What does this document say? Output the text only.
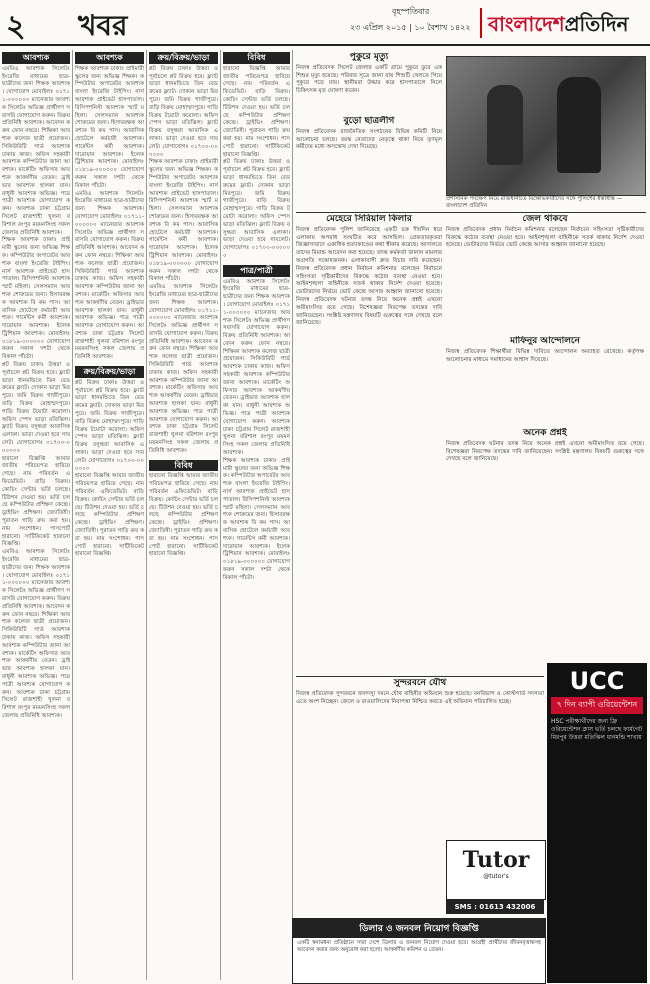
২ খবর	বৃহস্পতিবার
২৩ এপ্রিল ২০১৫ | ১০ বৈশাখ ১৪২২ বাংলাদেশপ্রতিদিন
আবশ্যক
এমবিএ আবশ্যক সিলেটঃ ইংরেজি মাধ্যমের ছাত্র-ছাত্রীদের জন্য শিক্ষক আবশ্যক। যোগাযোগ মোবাইলঃ ০১৭১১-০০০০০০ ম্যানেজার আবশ্যক সিলেটঃ অভিজ্ঞ প্রার্থীগণ সরাসরি যোগাযোগ করুন। বিক্রয় প্রতিনিধি আবশ্যক। আবেদন করুন ফোন নম্বরে। শিক্ষিকা আবশ্যক কলেজ ছাত্রী প্রয়োজন। সিকিউরিটি গার্ড আবশ্যক ঢাকায় কাজ। অফিস সহকারী আবশ্যক কম্পিউটার জানা আবশ্যক। মার্কেটিং অফিসার আবশ্যক আকর্ষণীয় বেতন। ড্রাইভার আবশ্যক হালকা যান। রাধুনী আবশ্যক অভিজ্ঞ। পাত্র পাত্রী আবশ্যক যোগাযোগ করুন। আবশ্যক ঢাকা চট্টগ্রাম সিলেট রাজশাহী খুলনা বরিশাল রংপুর ময়মনসিংহ সকল জেলায় প্রতিনিধি আবশ্যক।
শিক্ষক আবশ্যক ঢাকাঃ প্রাইমারী স্কুলের জন্য অভিজ্ঞ শিক্ষক। কম্পিউটার অপারেটর আবশ্যক বাংলা ইংরেজি টাইপিং। নার্স আবশ্যক প্রাইভেট হাসপাতাল। রিসিপশনিস্ট আবশ্যক স্মার্ট মহিলা। সেলসম্যান আবশ্যক শোরুমের জন্য। হিসাবরক্ষক আবশ্যক বি কম পাস। আবাসিক হোটেলে কর্মচারী আবশ্যক। গার্মেন্টস কর্মী আবশ্যক। দারোয়ান আবশ্যক। ইলেকট্রিশিয়ান আবশ্যক। মোবাইলঃ ০১৮১৯-০০০০০০ যোগাযোগ করুন সকাল দশটা থেকে বিকাল পাঁচটা।
প্লট বিক্রয় ঢাকাঃ উত্তরা ও পূর্বাচলে প্লট বিক্রয় হবে। ফ্ল্যাট ভাড়া ধানমন্ডিতে তিন বেডরুমের ফ্ল্যাট। দোকান ভাড়া মিরপুরে। জমি বিক্রয় গাজীপুরে। বাড়ি বিক্রয় মোহাম্মদপুরে। গাড়ি বিক্রয় টয়োটা করোলা। অফিস স্পেস ভাড়া মতিঝিল। ফ্ল্যাট বিক্রয় বসুন্ধরা আবাসিক এলাকা। ভাড়া দেওয়া হবে সাবলেট। যোগাযোগঃ ০১৭০০-০০০০০০
হারানো বিজ্ঞপ্তি আমার জাতীয় পরিচয়পত্র হারিয়ে গেছে। নাম পরিবর্তন এফিডেভিট। বাড়ি বিক্রয়। কোচিং সেন্টার ভর্তি চলছে। টিউশন দেওয়া হয়। ভর্তি চলছে কম্পিউটার প্রশিক্ষণ কেন্দ্রে। ড্রাইভিং প্রশিক্ষণ। জ্যোতিষী। পুরাতন গাড়ি ক্রয় করা হয়। নাম সংশোধন। পাসপোর্ট হারানো। সার্টিফিকেট হারানো বিজ্ঞপ্তি।
এমবিএ আবশ্যক সিলেটঃ ইংরেজি মাধ্যমের ছাত্র-ছাত্রীদের জন্য শিক্ষক আবশ্যক। যোগাযোগ মোবাইলঃ ০১৭১১-০০০০০০ ম্যানেজার আবশ্যক সিলেটঃ অভিজ্ঞ প্রার্থীগণ সরাসরি যোগাযোগ করুন। বিক্রয় প্রতিনিধি আবশ্যক। আবেদন করুন ফোন নম্বরে। শিক্ষিকা আবশ্যক কলেজ ছাত্রী প্রয়োজন। সিকিউরিটি গার্ড আবশ্যক ঢাকায় কাজ। অফিস সহকারী আবশ্যক কম্পিউটার জানা আবশ্যক। মার্কেটিং অফিসার আবশ্যক আকর্ষণীয় বেতন। ড্রাইভার আবশ্যক হালকা যান। রাধুনী আবশ্যক অভিজ্ঞ। পাত্র পাত্রী আবশ্যক যোগাযোগ করুন। আবশ্যক ঢাকা চট্টগ্রাম সিলেট রাজশাহী খুলনা বরিশাল রংপুর ময়মনসিংহ সকল জেলায় প্রতিনিধি আবশ্যক।
আবশ্যক
শিক্ষক আবশ্যক ঢাকাঃ প্রাইমারী স্কুলের জন্য অভিজ্ঞ শিক্ষক। কম্পিউটার অপারেটর আবশ্যক বাংলা ইংরেজি টাইপিং। নার্স আবশ্যক প্রাইভেট হাসপাতাল। রিসিপশনিস্ট আবশ্যক স্মার্ট মহিলা। সেলসম্যান আবশ্যক শোরুমের জন্য। হিসাবরক্ষক আবশ্যক বি কম পাস। আবাসিক হোটেলে কর্মচারী আবশ্যক। গার্মেন্টস কর্মী আবশ্যক। দারোয়ান আবশ্যক। ইলেকট্রিশিয়ান আবশ্যক। মোবাইলঃ ০১৮১৯-০০০০০০ যোগাযোগ করুন সকাল দশটা থেকে বিকাল পাঁচটা।
এমবিএ আবশ্যক সিলেটঃ ইংরেজি মাধ্যমের ছাত্র-ছাত্রীদের জন্য শিক্ষক আবশ্যক। যোগাযোগ মোবাইলঃ ০১৭১১-০০০০০০ ম্যানেজার আবশ্যক সিলেটঃ অভিজ্ঞ প্রার্থীগণ সরাসরি যোগাযোগ করুন। বিক্রয় প্রতিনিধি আবশ্যক। আবেদন করুন ফোন নম্বরে। শিক্ষিকা আবশ্যক কলেজ ছাত্রী প্রয়োজন। সিকিউরিটি গার্ড আবশ্যক ঢাকায় কাজ। অফিস সহকারী আবশ্যক কম্পিউটার জানা আবশ্যক। মার্কেটিং অফিসার আবশ্যক আকর্ষণীয় বেতন। ড্রাইভার আবশ্যক হালকা যান। রাধুনী আবশ্যক অভিজ্ঞ। পাত্র পাত্রী আবশ্যক যোগাযোগ করুন। আবশ্যক ঢাকা চট্টগ্রাম সিলেট রাজশাহী খুলনা বরিশাল রংপুর ময়মনসিংহ সকল জেলায় প্রতিনিধি আবশ্যক।
ক্রয়/বিক্রয়/ভাড়া
প্লট বিক্রয় ঢাকাঃ উত্তরা ও পূর্বাচলে প্লট বিক্রয় হবে। ফ্ল্যাট ভাড়া ধানমন্ডিতে তিন বেডরুমের ফ্ল্যাট। দোকান ভাড়া মিরপুরে। জমি বিক্রয় গাজীপুরে। বাড়ি বিক্রয় মোহাম্মদপুরে। গাড়ি বিক্রয় টয়োটা করোলা। অফিস স্পেস ভাড়া মতিঝিল। ফ্ল্যাট বিক্রয় বসুন্ধরা আবাসিক এলাকা। ভাড়া দেওয়া হবে সাবলেট। যোগাযোগঃ ০১৭০০-০০০০০০
হারানো বিজ্ঞপ্তি আমার জাতীয় পরিচয়পত্র হারিয়ে গেছে। নাম পরিবর্তন এফিডেভিট। বাড়ি বিক্রয়। কোচিং সেন্টার ভর্তি চলছে। টিউশন দেওয়া হয়। ভর্তি চলছে কম্পিউটার প্রশিক্ষণ কেন্দ্রে। ড্রাইভিং প্রশিক্ষণ। জ্যোতিষী। পুরাতন গাড়ি ক্রয় করা হয়। নাম সংশোধন। পাসপোর্ট হারানো। সার্টিফিকেট হারানো বিজ্ঞপ্তি।
ক্রয়/বিক্রয়/ভাড়া
প্লট বিক্রয় ঢাকাঃ উত্তরা ও পূর্বাচলে প্লট বিক্রয় হবে। ফ্ল্যাট ভাড়া ধানমন্ডিতে তিন বেডরুমের ফ্ল্যাট। দোকান ভাড়া মিরপুরে। জমি বিক্রয় গাজীপুরে। বাড়ি বিক্রয় মোহাম্মদপুরে। গাড়ি বিক্রয় টয়োটা করোলা। অফিস স্পেস ভাড়া মতিঝিল। ফ্ল্যাট বিক্রয় বসুন্ধরা আবাসিক এলাকা। ভাড়া দেওয়া হবে সাবলেট। যোগাযোগঃ ০১৭০০-০০০০০০
শিক্ষক আবশ্যক ঢাকাঃ প্রাইমারী স্কুলের জন্য অভিজ্ঞ শিক্ষক। কম্পিউটার অপারেটর আবশ্যক বাংলা ইংরেজি টাইপিং। নার্স আবশ্যক প্রাইভেট হাসপাতাল। রিসিপশনিস্ট আবশ্যক স্মার্ট মহিলা। সেলসম্যান আবশ্যক শোরুমের জন্য। হিসাবরক্ষক আবশ্যক বি কম পাস। আবাসিক হোটেলে কর্মচারী আবশ্যক। গার্মেন্টস কর্মী আবশ্যক। দারোয়ান আবশ্যক। ইলেকট্রিশিয়ান আবশ্যক। মোবাইলঃ ০১৮১৯-০০০০০০ যোগাযোগ করুন সকাল দশটা থেকে বিকাল পাঁচটা।
এমবিএ আবশ্যক সিলেটঃ ইংরেজি মাধ্যমের ছাত্র-ছাত্রীদের জন্য শিক্ষক আবশ্যক। যোগাযোগ মোবাইলঃ ০১৭১১-০০০০০০ ম্যানেজার আবশ্যক সিলেটঃ অভিজ্ঞ প্রার্থীগণ সরাসরি যোগাযোগ করুন। বিক্রয় প্রতিনিধি আবশ্যক। আবেদন করুন ফোন নম্বরে। শিক্ষিকা আবশ্যক কলেজ ছাত্রী প্রয়োজন। সিকিউরিটি গার্ড আবশ্যক ঢাকায় কাজ। অফিস সহকারী আবশ্যক কম্পিউটার জানা আবশ্যক। মার্কেটিং অফিসার আবশ্যক আকর্ষণীয় বেতন। ড্রাইভার আবশ্যক হালকা যান। রাধুনী আবশ্যক অভিজ্ঞ। পাত্র পাত্রী আবশ্যক যোগাযোগ করুন। আবশ্যক ঢাকা চট্টগ্রাম সিলেট রাজশাহী খুলনা বরিশাল রংপুর ময়মনসিংহ সকল জেলায় প্রতিনিধি আবশ্যক।
বিবিধ
হারানো বিজ্ঞপ্তি আমার জাতীয় পরিচয়পত্র হারিয়ে গেছে। নাম পরিবর্তন এফিডেভিট। বাড়ি বিক্রয়। কোচিং সেন্টার ভর্তি চলছে। টিউশন দেওয়া হয়। ভর্তি চলছে কম্পিউটার প্রশিক্ষণ কেন্দ্রে। ড্রাইভিং প্রশিক্ষণ। জ্যোতিষী। পুরাতন গাড়ি ক্রয় করা হয়। নাম সংশোধন। পাসপোর্ট হারানো। সার্টিফিকেট হারানো বিজ্ঞপ্তি।
বিবিধ
হারানো বিজ্ঞপ্তি আমার জাতীয় পরিচয়পত্র হারিয়ে গেছে। নাম পরিবর্তন এফিডেভিট। বাড়ি বিক্রয়। কোচিং সেন্টার ভর্তি চলছে। টিউশন দেওয়া হয়। ভর্তি চলছে কম্পিউটার প্রশিক্ষণ কেন্দ্রে। ড্রাইভিং প্রশিক্ষণ। জ্যোতিষী। পুরাতন গাড়ি ক্রয় করা হয়। নাম সংশোধন। পাসপোর্ট হারানো। সার্টিফিকেট হারানো বিজ্ঞপ্তি।
প্লট বিক্রয় ঢাকাঃ উত্তরা ও পূর্বাচলে প্লট বিক্রয় হবে। ফ্ল্যাট ভাড়া ধানমন্ডিতে তিন বেডরুমের ফ্ল্যাট। দোকান ভাড়া মিরপুরে। জমি বিক্রয় গাজীপুরে। বাড়ি বিক্রয় মোহাম্মদপুরে। গাড়ি বিক্রয় টয়োটা করোলা। অফিস স্পেস ভাড়া মতিঝিল। ফ্ল্যাট বিক্রয় বসুন্ধরা আবাসিক এলাকা। ভাড়া দেওয়া হবে সাবলেট। যোগাযোগঃ ০১৭০০-০০০০০০
পাত্র/পাত্রী
এমবিএ আবশ্যক সিলেটঃ ইংরেজি মাধ্যমের ছাত্র-ছাত্রীদের জন্য শিক্ষক আবশ্যক। যোগাযোগ মোবাইলঃ ০১৭১১-০০০০০০ ম্যানেজার আবশ্যক সিলেটঃ অভিজ্ঞ প্রার্থীগণ সরাসরি যোগাযোগ করুন। বিক্রয় প্রতিনিধি আবশ্যক। আবেদন করুন ফোন নম্বরে। শিক্ষিকা আবশ্যক কলেজ ছাত্রী প্রয়োজন। সিকিউরিটি গার্ড আবশ্যক ঢাকায় কাজ। অফিস সহকারী আবশ্যক কম্পিউটার জানা আবশ্যক। মার্কেটিং অফিসার আবশ্যক আকর্ষণীয় বেতন। ড্রাইভার আবশ্যক হালকা যান। রাধুনী আবশ্যক অভিজ্ঞ। পাত্র পাত্রী আবশ্যক যোগাযোগ করুন। আবশ্যক ঢাকা চট্টগ্রাম সিলেট রাজশাহী খুলনা বরিশাল রংপুর ময়মনসিংহ সকল জেলায় প্রতিনিধি আবশ্যক।
শিক্ষক আবশ্যক ঢাকাঃ প্রাইমারী স্কুলের জন্য অভিজ্ঞ শিক্ষক। কম্পিউটার অপারেটর আবশ্যক বাংলা ইংরেজি টাইপিং। নার্স আবশ্যক প্রাইভেট হাসপাতাল। রিসিপশনিস্ট আবশ্যক স্মার্ট মহিলা। সেলসম্যান আবশ্যক শোরুমের জন্য। হিসাবরক্ষক আবশ্যক বি কম পাস। আবাসিক হোটেলে কর্মচারী আবশ্যক। গার্মেন্টস কর্মী আবশ্যক। দারোয়ান আবশ্যক। ইলেকট্রিশিয়ান আবশ্যক। মোবাইলঃ ০১৮১৯-০০০০০০ যোগাযোগ করুন সকাল দশটা থেকে বিকাল পাঁচটা।
পুকুরে মৃত্যু
নিজস্ব প্রতিবেদক সিলেট জেলার একটি গ্রামে পুকুরে ডুবে এক শিশুর মৃত্যু হয়েছে। পরিবার সূত্রে জানা যায় শিশুটি খেলতে গিয়ে পুকুরে পড়ে যায়। স্থানীয়রা উদ্ধার করে হাসপাতালে নিলে চিকিৎসক মৃত ঘোষণা করেন।
বুড়ো ছাত্রলীগ
নিজস্ব প্রতিবেদক রাজনৈতিক সংগঠনের বিভিন্ন কমিটি নিয়ে আলোচনা চলছে। বয়স্ক নেতাদের নেতৃত্বে থাকা নিয়ে তৃণমূল কর্মীদের মধ্যে অসন্তোষ দেখা দিয়েছে।
প্রশাসনিক পদক্ষেপ নিয়ে রাজধানীতে বিক্ষোভকারীদের সঙ্গে পুলিশের ধস্তাধস্তি — বাংলাদেশ প্রতিদিন
মেহেরে সিরিয়াল কিলার
নিজস্ব প্রতিবেদক পুলিশ জানিয়েছে একটি চক্র দীর্ঘদিন ধরে এলাকায় অপরাধ সংঘটিত করে আসছিল। গ্রেফতারকৃতরা জিজ্ঞাসাবাদে একাধিক হত্যাকাণ্ডের কথা স্বীকার করেছে। আদালতে তাদের রিমান্ড আবেদন করা হয়েছে। তদন্ত কর্মকর্তা জানান মামলার অগ্রগতি সন্তোষজনক। এলাকাবাসী দ্রুত বিচার দাবি করেছেন। নিজস্ব প্রতিবেদক প্রধান নির্বাচন কমিশনার বলেছেন নির্বাচনে সহিংসতা সৃষ্টিকারীদের বিরুদ্ধে কঠোর ব্যবস্থা নেওয়া হবে। আইনশৃঙ্খলা বাহিনীকে সতর্ক থাকার নির্দেশ দেওয়া হয়েছে। ভোটারদের নির্ভয়ে ভোট কেন্দ্রে আসার আহ্বান জানানো হয়েছে। নিজস্ব প্রতিবেদক ঘটনার তদন্ত নিয়ে অনেক প্রশ্নই এখনো অমীমাংসিত রয়ে গেছে। বিশেষজ্ঞরা নিরপেক্ষ তদন্তের দাবি জানিয়েছেন। সংশ্লিষ্ট মন্ত্রণালয় বিষয়টি গুরুত্বের সঙ্গে দেখছে বলে জানিয়েছে।
জেল থাকবে
নিজস্ব প্রতিবেদক প্রধান নির্বাচন কমিশনার বলেছেন নির্বাচনে সহিংসতা সৃষ্টিকারীদের বিরুদ্ধে কঠোর ব্যবস্থা নেওয়া হবে। আইনশৃঙ্খলা বাহিনীকে সতর্ক থাকার নির্দেশ দেওয়া হয়েছে। ভোটারদের নির্ভয়ে ভোট কেন্দ্রে আসার আহ্বান জানানো হয়েছে।
মাফিনুর আন্দোলনে
নিজস্ব প্রতিবেদক শিক্ষার্থীরা বিভিন্ন দাবিতে আন্দোলন অব্যাহত রেখেছে। কর্তৃপক্ষ আলোচনার মাধ্যমে সমাধানের আশ্বাস দিয়েছে।
অনেক প্রশ্নই
নিজস্ব প্রতিবেদক ঘটনার তদন্ত নিয়ে অনেক প্রশ্নই এখনো অমীমাংসিত রয়ে গেছে। বিশেষজ্ঞরা নিরপেক্ষ তদন্তের দাবি জানিয়েছেন। সংশ্লিষ্ট মন্ত্রণালয় বিষয়টি গুরুত্বের সঙ্গে দেখছে বলে জানিয়েছে।
সুন্দরবনে যৌথ
নিজস্ব প্রতিবেদক সুন্দরবনে জলদস্যু দমনে যৌথ বাহিনীর অভিযান শুরু হয়েছে। বনবিভাগ ও কোস্টগার্ড সদস্যরা এতে অংশ নিচ্ছেন। জেলে ও বাওয়ালিদের নিরাপত্তা নিশ্চিত করতে এই অভিযান পরিচালিত হচ্ছে।
UCC
৭ দিন ব্যাপী ওরিয়েন্টেশন
HSC পরীক্ষার্থীদের জন্য ফ্রি ওরিয়েন্টেশন ক্লাস ভর্তি চলছে ফার্মগেট মিরপুর উত্তরা মতিঝিল ধানমন্ডি শাখায়
Tutor
@tutor's
SMS : 01613 432006
ডিলার ও জনবল নিয়োগ বিজ্ঞপ্তি
একটি স্বনামধন্য প্রতিষ্ঠানে সারা দেশে ডিলার ও জনবল নিয়োগ দেওয়া হবে। আগ্রহী প্রার্থীদের জীবনবৃত্তান্তসহ আবেদন করার জন্য অনুরোধ করা হলো। আকর্ষণীয় কমিশন ও বেতন।
